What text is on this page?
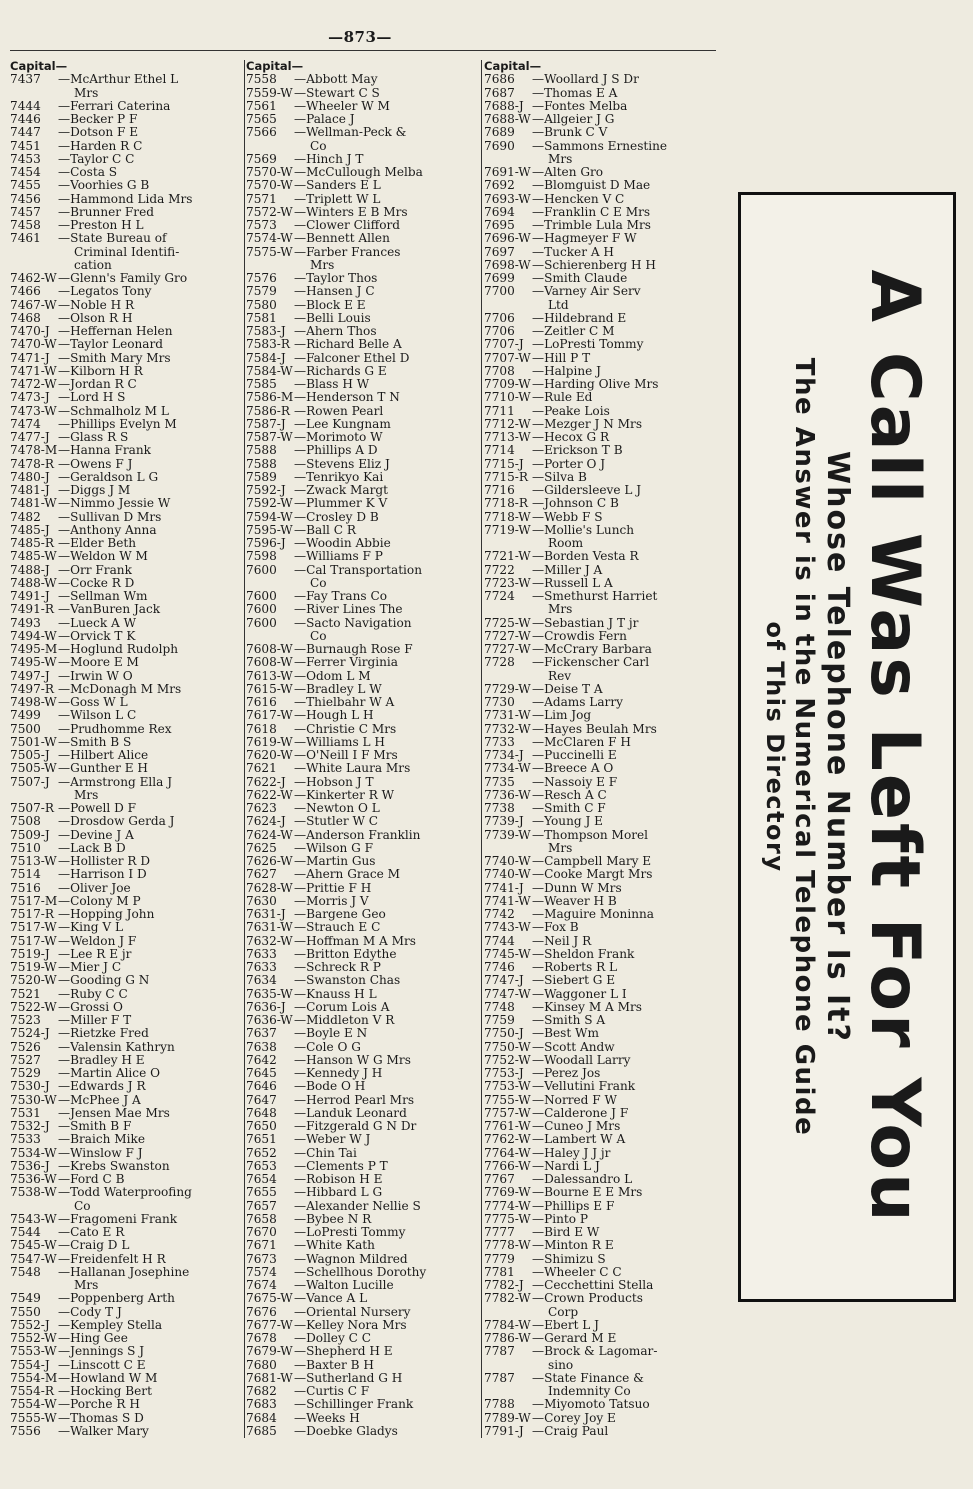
—873—
Capital—
7437	—McArthur Ethel L
Mrs
7444	—Ferrari Caterina
7446	—Becker P F
7447	—Dotson F E
7451	—Harden R C
7453	—Taylor C C
7454	—Costa S
7455	—Voorhies G B
7456	—Hammond Lida Mrs
7457	—Brunner Fred
7458	—Preston H L
7461	—State Bureau of
Criminal Identifi-
cation
7462-W —Glenn's Family Gro
7466	—Legatos Tony
7467-W —Noble H R
7468	—Olson R H
7470-J —Heffernan Helen
7470-W —Taylor Leonard
7471-J —Smith Mary Mrs
7471-W —Kilborn H R
7472-W —Jordan R C
7473-J —Lord H S
7473-W —Schmalholz M L
7474	—Phillips Evelyn M
7477-J —Glass R S
7478-M —Hanna Frank
7478-R —Owens F J
7480-J —Geraldson L G
7481-J —Diggs J M
7481-W —Nimmo Jessie W
7482	—Sullivan D Mrs
7485-J —Anthony Anna
7485-R —Elder Beth
7485-W —Weldon W M
7488-J —Orr Frank
7488-W —Cocke R D
7491-J —Sellman Wm
7491-R —VanBuren Jack
7493	—Lueck A W
7494-W —Orvick T K
7495-M —Hoglund Rudolph
7495-W —Moore E M
7497-J —Irwin W O
7497-R —McDonagh M Mrs
7498-W —Goss W L
7499	—Wilson L C
7500	—Prudhomme Rex
7501-W —Smith B S
7505-J —Hilbert Alice
7505-W —Gunther E H
7507-J —Armstrong Ella J
Mrs
7507-R —Powell D F
7508	—Drosdow Gerda J
7509-J —Devine J A
7510	—Lack B D
7513-W —Hollister R D
7514	—Harrison I D
7516	—Oliver Joe
7517-M —Colony M P
7517-R —Hopping John
7517-W —King V L
7517-W —Weldon J F
7519-J —Lee R E jr
7519-W —Mier J C
7520-W —Gooding G N
7521	—Ruby C C
7522-W —Grossi O
7523	—Miller F T
7524-J —Rietzke Fred
7526	—Valensin Kathryn
7527	—Bradley H E
7529	—Martin Alice O
7530-J —Edwards J R
7530-W —McPhee J A
7531	—Jensen Mae Mrs
7532-J —Smith B F
7533	—Braich Mike
7534-W —Winslow F J
7536-J —Krebs Swanston
7536-W —Ford C B
7538-W —Todd Waterproofing
Co
7543-W —Fragomeni Frank
7544	—Cato E R
7545-W —Craig D L
7547-W —Freidenfelt H R
7548	—Hallanan Josephine
Mrs
7549	—Poppenberg Arth
7550	—Cody T J
7552-J —Kempley Stella
7552-W —Hing Gee
7553-W —Jennings S J
7554-J —Linscott C E
7554-M —Howland W M
7554-R —Hocking Bert
7554-W —Porche R H
7555-W —Thomas S D
7556	—Walker Mary
Capital—
7558	—Abbott May
7559-W —Stewart C S
7561	—Wheeler W M
7565	—Palace J
7566	—Wellman-Peck &
Co
7569	—Hinch J T
7570-W —McCullough Melba
7570-W —Sanders E L
7571	—Triplett W L
7572-W —Winters E B Mrs
7573	—Clower Clifford
7574-W —Bennett Allen
7575-W —Farber Frances
Mrs
7576	—Taylor Thos
7579	—Hansen J C
7580	—Block E E
7581	—Belli Louis
7583-J —Ahern Thos
7583-R —Richard Belle A
7584-J —Falconer Ethel D
7584-W —Richards G E
7585	—Blass H W
7586-M —Henderson T N
7586-R —Rowen Pearl
7587-J —Lee Kungnam
7587-W —Morimoto W
7588	—Phillips A D
7588	—Stevens Eliz J
7589	—Tenrikyo Kai
7592-J —Zwack Margt
7592-W —Plummer K V
7594-W —Crosley D B
7595-W —Ball C R
7596-J —Woodin Abbie
7598	—Williams F P
7600	—Cal Transportation
Co
7600	—Fay Trans Co
7600	—River Lines The
7600	—Sacto Navigation
Co
7608-W —Burnaugh Rose F
7608-W —Ferrer Virginia
7613-W —Odom L M
7615-W —Bradley L W
7616	—Thielbahr W A
7617-W —Hough L H
7618	—Christie C Mrs
7619-W —Williams L H
7620-W —O'Neill I F Mrs
7621	—White Laura Mrs
7622-J —Hobson J T
7622-W —Kinkerter R W
7623	—Newton O L
7624-J —Stutler W C
7624-W —Anderson Franklin
7625	—Wilson G F
7626-W —Martin Gus
7627	—Ahern Grace M
7628-W —Prittie F H
7630	—Morris J V
7631-J —Bargene Geo
7631-W —Strauch E C
7632-W —Hoffman M A Mrs
7633	—Britton Edythe
7633	—Schreck R P
7634	—Swanston Chas
7635-W —Knauss H L
7636-J —Corum Lois A
7636-W —Middleton V R
7637	—Boyle E N
7638	—Cole O G
7642	—Hanson W G Mrs
7645	—Kennedy J H
7646	—Bode O H
7647	—Herrod Pearl Mrs
7648	—Landuk Leonard
7650	—Fitzgerald G N Dr
7651	—Weber W J
7652	—Chin Tai
7653	—Clements P T
7654	—Robison H E
7655	—Hibbard L G
7657	—Alexander Nellie S
7658	—Bybee N R
7670	—LoPresti Tommy
7671	—White Kath
7673	—Wagnon Mildred
7574	—Schellhous Dorothy
7674	—Walton Lucille
7675-W —Vance A L
7676	—Oriental Nursery
7677-W —Kelley Nora Mrs
7678	—Dolley C C
7679-W —Shepherd H E
7680	—Baxter B H
7681-W —Sutherland G H
7682	—Curtis C F
7683	—Schillinger Frank
7684	—Weeks H
7685	—Doebke Gladys
Capital—
7686	—Woollard J S Dr
7687	—Thomas E A
7688-J —Fontes Melba
7688-W —Allgeier J G
7689	—Brunk C V
7690	—Sammons Ernestine
Mrs
7691-W —Alten Gro
7692	—Blomguist D Mae
7693-W —Hencken V C
7694	—Franklin C E Mrs
7695	—Trimble Lula Mrs
7696-W —Hagmeyer F W
7697	—Tucker A H
7698-W —Schierenberg H H
7699	—Smith Claude
7700	—Varney Air Serv
Ltd
7706	—Hildebrand E
7706	—Zeitler C M
7707-J —LoPresti Tommy
7707-W —Hill P T
7708	—Halpine J
7709-W —Harding Olive Mrs
7710-W —Rule Ed
7711	—Peake Lois
7712-W —Mezger J N Mrs
7713-W —Hecox G R
7714	—Erickson T B
7715-J —Porter O J
7715-R —Silva B
7716	—Gildersleeve L J
7718-R —Johnson C B
7718-W —Webb F S
7719-W —Mollie's Lunch
Room
7721-W —Borden Vesta R
7722	—Miller J A
7723-W —Russell L A
7724	—Smethurst Harriet
Mrs
7725-W —Sebastian J T jr
7727-W —Crowdis Fern
7727-W —McCrary Barbara
7728	—Fickenscher Carl
Rev
7729-W —Deise T A
7730	—Adams Larry
7731-W —Lim Jog
7732-W —Hayes Beulah Mrs
7733	—McClaren F H
7734-J —Puccinelli E
7734-W —Breece A O
7735	—Nassoiy E F
7736-W —Resch A C
7738	—Smith C F
7739-J —Young J E
7739-W —Thompson Morel
Mrs
7740-W —Campbell Mary E
7740-W —Cooke Margt Mrs
7741-J —Dunn W Mrs
7741-W —Weaver H B
7742	—Maguire Moninna
7743-W —Fox B
7744	—Neil J R
7745-W —Sheldon Frank
7746	—Roberts R L
7747-J —Siebert G E
7747-W —Waggoner L I
7748	—Kinsey M A Mrs
7759	—Smith S A
7750-J —Best Wm
7750-W —Scott Andw
7752-W —Woodall Larry
7753-J —Perez Jos
7753-W —Vellutini Frank
7755-W —Norred F W
7757-W —Calderone J F
7761-W —Cuneo J Mrs
7762-W —Lambert W A
7764-W —Haley J J jr
7766-W —Nardi L J
7767	—Dalessandro L
7769-W —Bourne E E Mrs
7774-W —Phillips E F
7775-W —Pinto P
7777	—Bird E W
7778-W —Minton R E
7779	—Shimizu S
7781	—Wheeler C C
7782-J —Cecchettini Stella
7782-W —Crown Products
Corp
7784-W —Ebert L J
7786-W —Gerard M E
7787	—Brock & Lagomar-
sino
7787	—State Finance &
Indemnity Co
7788	—Miyomoto Tatsuo
7789-W —Corey Joy E
7791-J —Craig Paul
A Call Was Left For You
Whose Telephone Number Is It?
The Answer is in the Numerical Telephone Guide
of This Directory
